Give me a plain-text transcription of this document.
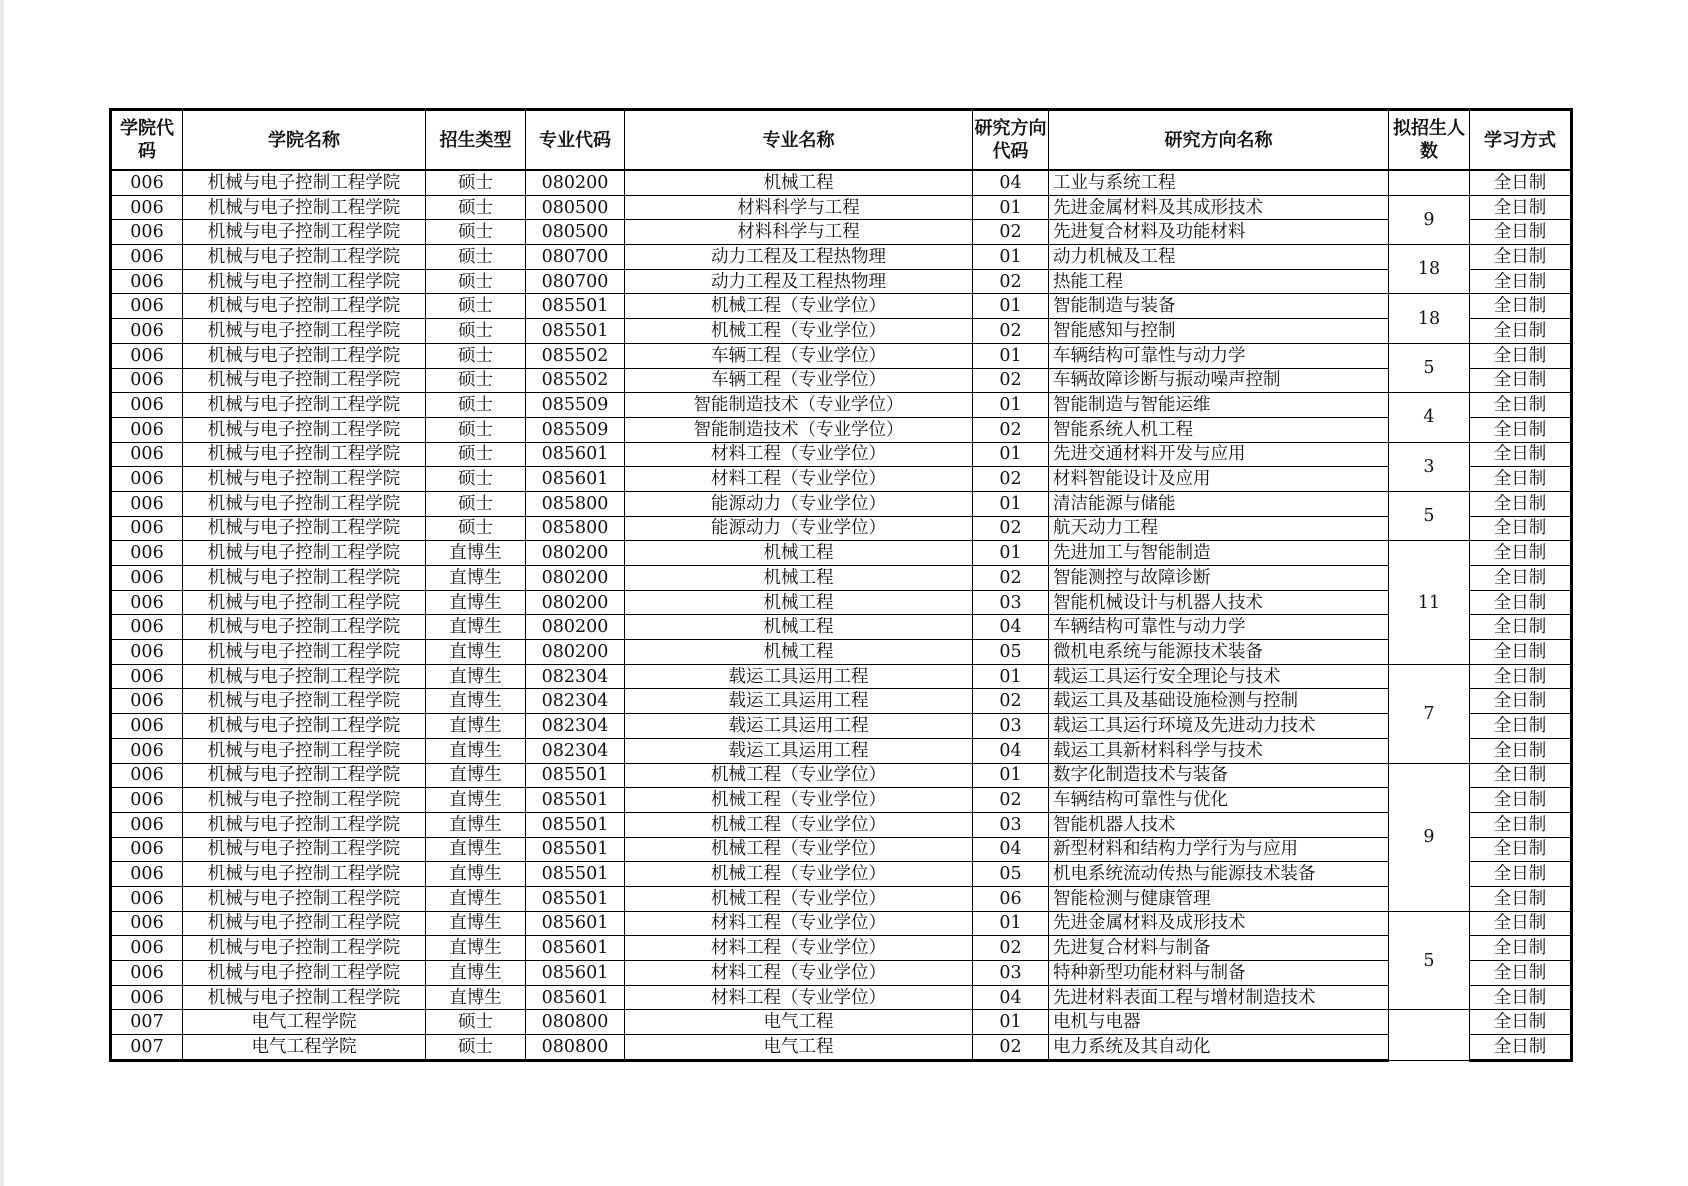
学院代码	学院名称	招生类型	专业代码	专业名称	研究方向代码	研究方向名称	拟招生人数	学习方式
006	机械与电子控制工程学院	硕士	080200	机械工程	04	工业与系统工程		全日制
006	机械与电子控制工程学院	硕士	080500	材料科学与工程	01	先进金属材料及其成形技术	9	全日制
006	机械与电子控制工程学院	硕士	080500	材料科学与工程	02	先进复合材料及功能材料		全日制
006	机械与电子控制工程学院	硕士	080700	动力工程及工程热物理	01	动力机械及工程	18	全日制
006	机械与电子控制工程学院	硕士	080700	动力工程及工程热物理	02	热能工程		全日制
006	机械与电子控制工程学院	硕士	085501	机械工程（专业学位）	01	智能制造与装备	18	全日制
006	机械与电子控制工程学院	硕士	085501	机械工程（专业学位）	02	智能感知与控制		全日制
006	机械与电子控制工程学院	硕士	085502	车辆工程（专业学位）	01	车辆结构可靠性与动力学	5	全日制
006	机械与电子控制工程学院	硕士	085502	车辆工程（专业学位）	02	车辆故障诊断与振动噪声控制		全日制
006	机械与电子控制工程学院	硕士	085509	智能制造技术（专业学位）	01	智能制造与智能运维	4	全日制
006	机械与电子控制工程学院	硕士	085509	智能制造技术（专业学位）	02	智能系统人机工程		全日制
006	机械与电子控制工程学院	硕士	085601	材料工程（专业学位）	01	先进交通材料开发与应用	3	全日制
006	机械与电子控制工程学院	硕士	085601	材料工程（专业学位）	02	材料智能设计及应用		全日制
006	机械与电子控制工程学院	硕士	085800	能源动力（专业学位）	01	清洁能源与储能	5	全日制
006	机械与电子控制工程学院	硕士	085800	能源动力（专业学位）	02	航天动力工程		全日制
006	机械与电子控制工程学院	直博生	080200	机械工程	01	先进加工与智能制造	11	全日制
006	机械与电子控制工程学院	直博生	080200	机械工程	02	智能测控与故障诊断		全日制
006	机械与电子控制工程学院	直博生	080200	机械工程	03	智能机械设计与机器人技术		全日制
006	机械与电子控制工程学院	直博生	080200	机械工程	04	车辆结构可靠性与动力学		全日制
006	机械与电子控制工程学院	直博生	080200	机械工程	05	微机电系统与能源技术装备		全日制
006	机械与电子控制工程学院	直博生	082304	载运工具运用工程	01	载运工具运行安全理论与技术	7	全日制
006	机械与电子控制工程学院	直博生	082304	载运工具运用工程	02	载运工具及基础设施检测与控制		全日制
006	机械与电子控制工程学院	直博生	082304	载运工具运用工程	03	载运工具运行环境及先进动力技术		全日制
006	机械与电子控制工程学院	直博生	082304	载运工具运用工程	04	载运工具新材料科学与技术		全日制
006	机械与电子控制工程学院	直博生	085501	机械工程（专业学位）	01	数字化制造技术与装备	9	全日制
006	机械与电子控制工程学院	直博生	085501	机械工程（专业学位）	02	车辆结构可靠性与优化		全日制
006	机械与电子控制工程学院	直博生	085501	机械工程（专业学位）	03	智能机器人技术		全日制
006	机械与电子控制工程学院	直博生	085501	机械工程（专业学位）	04	新型材料和结构力学行为与应用		全日制
006	机械与电子控制工程学院	直博生	085501	机械工程（专业学位）	05	机电系统流动传热与能源技术装备		全日制
006	机械与电子控制工程学院	直博生	085501	机械工程（专业学位）	06	智能检测与健康管理		全日制
006	机械与电子控制工程学院	直博生	085601	材料工程（专业学位）	01	先进金属材料及成形技术	5	全日制
006	机械与电子控制工程学院	直博生	085601	材料工程（专业学位）	02	先进复合材料与制备		全日制
006	机械与电子控制工程学院	直博生	085601	材料工程（专业学位）	03	特种新型功能材料与制备		全日制
006	机械与电子控制工程学院	直博生	085601	材料工程（专业学位）	04	先进材料表面工程与增材制造技术		全日制
007	电气工程学院	硕士	080800	电气工程	01	电机与电器		全日制
007	电气工程学院	硕士	080800	电气工程	02	电力系统及其自动化		全日制
